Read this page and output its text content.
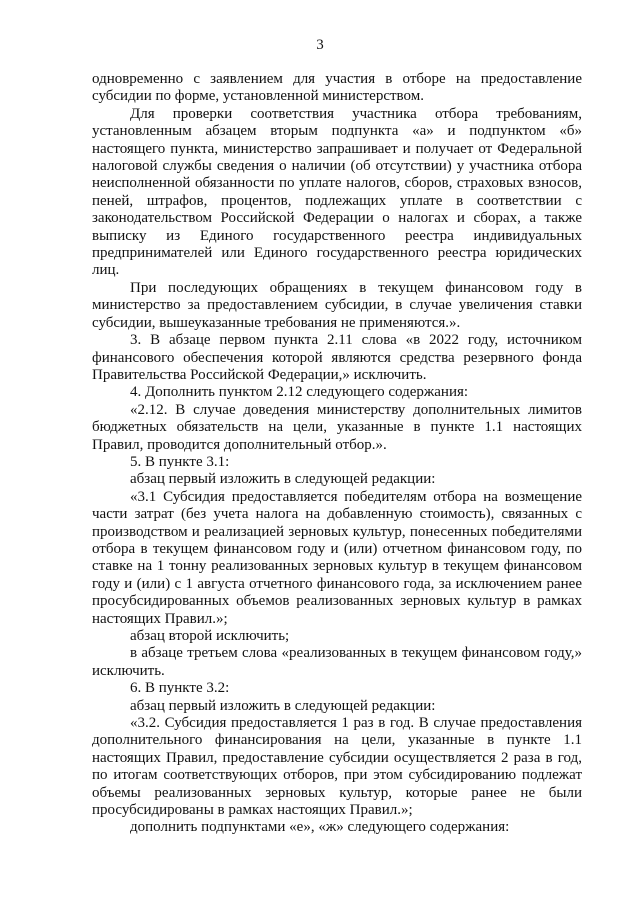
3

одновременно с заявлением для участия в отборе на предоставление субсидии по форме, установленной министерством.

Для проверки соответствия участника отбора требованиям, установленным абзацем вторым подпункта «а» и подпунктом «б» настоящего пункта, министерство запрашивает и получает от Федеральной налоговой службы сведения о наличии (об отсутствии) у участника отбора неисполненной обязанности по уплате налогов, сборов, страховых взносов, пеней, штрафов, процентов, подлежащих уплате в соответствии с законодательством Российской Федерации о налогах и сборах, а также выписку из Единого государственного реестра индивидуальных предпринимателей или Единого государственного реестра юридических лиц.

При последующих обращениях в текущем финансовом году в министерство за предоставлением субсидии, в случае увеличения ставки субсидии, вышеуказанные требования не применяются.».

3. В абзаце первом пункта 2.11 слова «в 2022 году, источником финансового обеспечения которой являются средства резервного фонда Правительства Российской Федерации,» исключить.

4. Дополнить пунктом 2.12 следующего содержания:

«2.12. В случае доведения министерству дополнительных лимитов бюджетных обязательств на цели, указанные в пункте 1.1 настоящих Правил, проводится дополнительный отбор.».

5. В пункте 3.1:

абзац первый изложить в следующей редакции:

«3.1 Субсидия предоставляется победителям отбора на возмещение части затрат (без учета налога на добавленную стоимость), связанных с производством и реализацией зерновых культур, понесенных победителями отбора в текущем финансовом году и (или) отчетном финансовом году, по ставке на 1 тонну реализованных зерновых культур в текущем финансовом году и (или) с 1 августа отчетного финансового года, за исключением ранее просубсидированных объемов реализованных зерновых культур в рамках настоящих Правил.»;

абзац второй исключить;

в абзаце третьем слова «реализованных в текущем финансовом году,» исключить.

6. В пункте 3.2:

абзац первый изложить в следующей редакции:

«3.2. Субсидия предоставляется 1 раз в год. В случае предоставления дополнительного финансирования на цели, указанные в пункте 1.1 настоящих Правил, предоставление субсидии осуществляется 2 раза в год, по итогам соответствующих отборов, при этом субсидированию подлежат объемы реализованных зерновых культур, которые ранее не были просубсидированы в рамках настоящих Правил.»;

дополнить подпунктами «е», «ж» следующего содержания:
